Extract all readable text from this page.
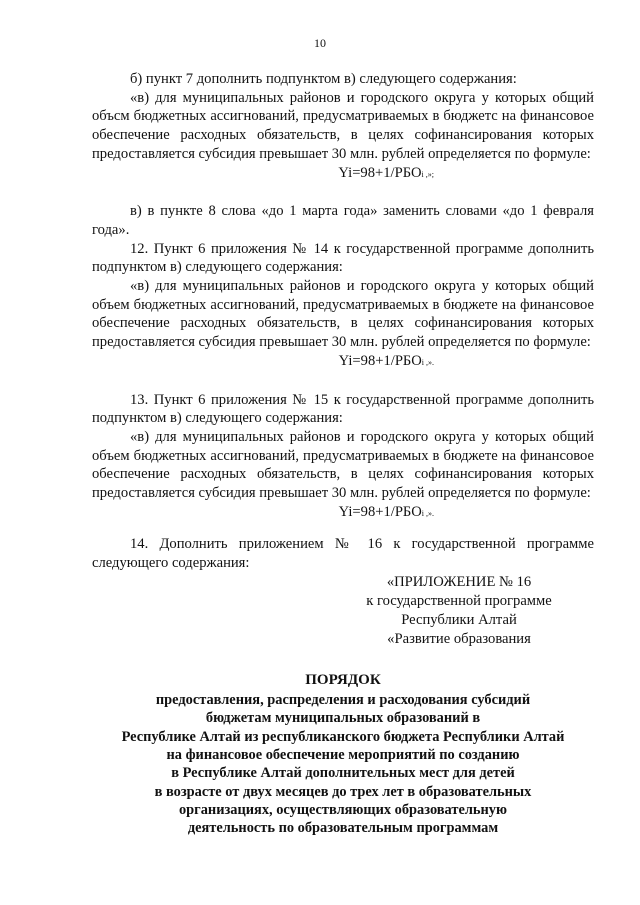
10

б) пункт 7 дополнить подпунктом в) следующего содержания:

«в) для муниципальных районов и городского округа у которых общий объсм бюджетных ассигнований, предусматриваемых в бюджетс на финансовое обеспечение расходных обязательств, в целях софинансирования которых предоставляется субсидия превышает 30 млн. рублей определяется по формуле:

Yi=98+1/РБОi ,»;

в) в пункте 8 слова «до 1 марта года» заменить словами «до 1 февраля года».

12. Пункт 6 приложения № 14 к государственной программе дополнить подпунктом в) следующего содержания:

«в) для муниципальных районов и городского округа у которых общий объем бюджетных ассигнований, предусматриваемых в бюджете на финансовое обеспечение расходных обязательств, в целях софинансирования которых предоставляется субсидия превышает 30 млн. рублей определяется по формуле:

Yi=98+1/РБОi ,».

13. Пункт 6 приложения № 15 к государственной программе дополнить подпунктом в) следующего содержания:

«в) для муниципальных районов и городского округа у которых общий объем бюджетных ассигнований, предусматриваемых в бюджете на финансовое обеспечение расходных обязательств, в целях софинансирования которых предоставляется субсидия превышает 30 млн. рублей определяется по формуле:

Yi=98+1/РБОi ,».

14. Дополнить приложением № 16 к государственной программе следующего содержания:

«ПРИЛОЖЕНИЕ № 16

к государственной программе

Республики Алтай

«Развитие образования

ПОРЯДОК

предоставления, распределения и расходования субсидий

бюджетам муниципальных образований в

Республике Алтай из республиканского бюджета Республики Алтай

на финансовое обеспечение мероприятий по созданию

в Республике Алтай дополнительных мест для детей

в возрасте от двух месяцев до трех лет в образовательных

организациях, осуществляющих образовательную

деятельность по образовательным программам
